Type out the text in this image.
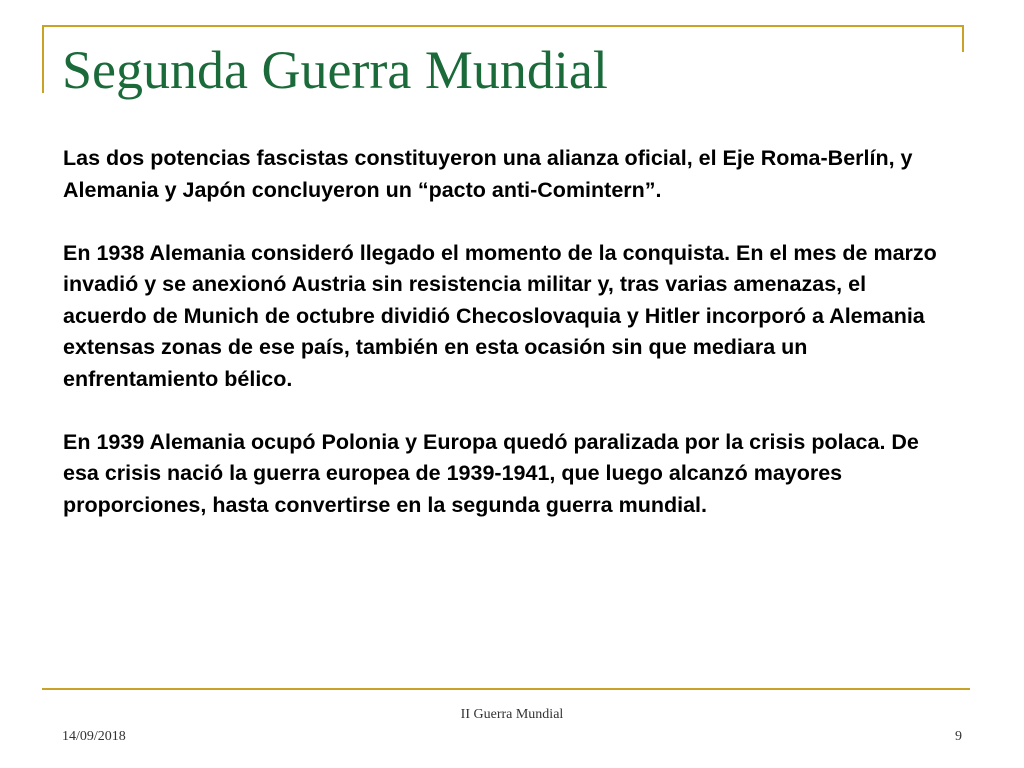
Segunda Guerra Mundial

Las dos potencias fascistas constituyeron una alianza oficial, el Eje Roma-Berlín, y Alemania y Japón concluyeron un “pacto anti-Comintern”.

En 1938 Alemania consideró llegado el momento de la conquista. En el mes de marzo invadió y se anexionó Austria sin resistencia militar y, tras varias amenazas, el acuerdo de Munich de octubre dividió Checoslovaquia y Hitler incorporó a Alemania extensas zonas de ese país, también en esta ocasión sin que mediara un enfrentamiento bélico.

En 1939 Alemania ocupó Polonia y Europa quedó paralizada por la crisis polaca. De esa crisis nació la guerra europea de 1939-1941, que luego alcanzó mayores proporciones, hasta convertirse en la segunda guerra mundial.

II Guerra Mundial
14/09/2018	9
